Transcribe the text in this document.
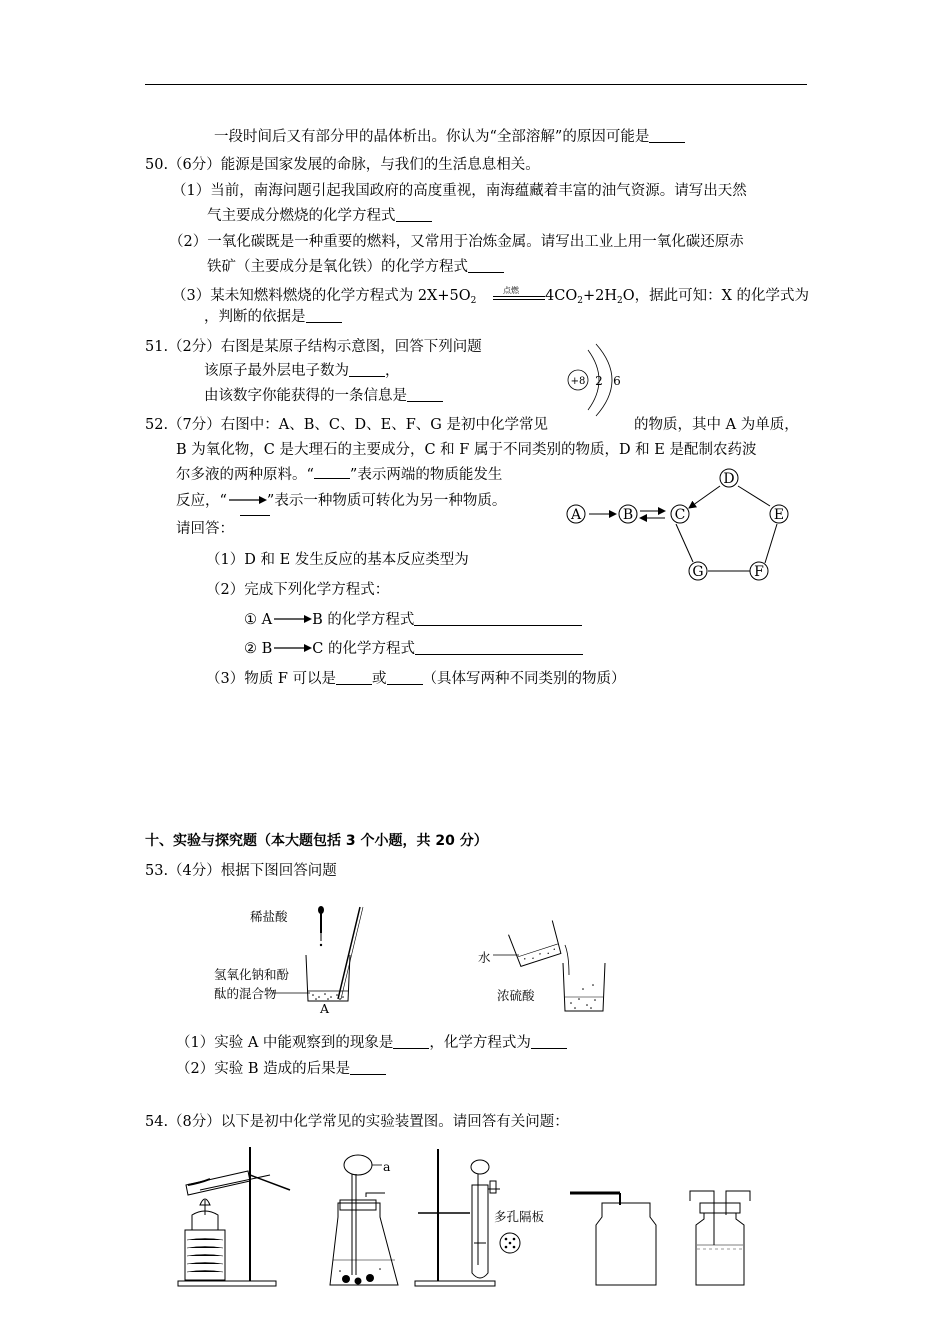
一段时间后又有部分甲的晶体析出。你认为“全部溶解”的原因可能是
50.（6分）能源是国家发展的命脉，与我们的生活息息相关。
（1）当前，南海问题引起我国政府的高度重视，南海蕴藏着丰富的油气资源。请写出天然
气主要成分燃烧的化学方程式
（2）一氧化碳既是一种重要的燃料，又常用于冶炼金属。请写出工业上用一氧化碳还原赤
铁矿（主要成分是氧化铁）的化学方程式
（3）某未知燃料燃烧的化学方程式为 $2X+5O_2$
点燃 $4CO_2+2H_2O$，据此可知：X 的化学式为
，判断的依据是
51.（2分）右图是某原子结构示意图，回答下列问题
该原子最外层电子数为 ，
由该数字你能获得的一条信息是
+8 2 6
52.（7分）右图中：A、B、C、D、E、F、G 是初中化学常见	的物质，其中 A 为单质，
B 为氧化物，C 是大理石的主要成分，C 和 F 属于不同类别的物质，D 和 E 是配制农药波
尔多液的两种原料。“ ”表示两端的物质能发生
反应，“	”表示一种物质可转化为另一种物质。
请回答：
A	B	C
D
E
F
G
（1）D 和 E 发生反应的基本反应类型为
（2）完成下列化学方程式：
① A	B 的化学方程式
② B	C 的化学方程式
（3）物质 F 可以是 或 （具体写两种不同类别的物质）
十、实验与探究题（本大题包括 3 个小题，共 20 分）
53.（4分）根据下图回答问题
稀盐酸
氢氧化钠和酚
酞的混合物
A
水
浓硫酸
（1）实验 A 中能观察到的现象是 ，化学方程式为
（2）实验 B 造成的后果是
54.（8分）以下是初中化学常见的实验装置图。请回答有关问题：
a
多孔隔板
